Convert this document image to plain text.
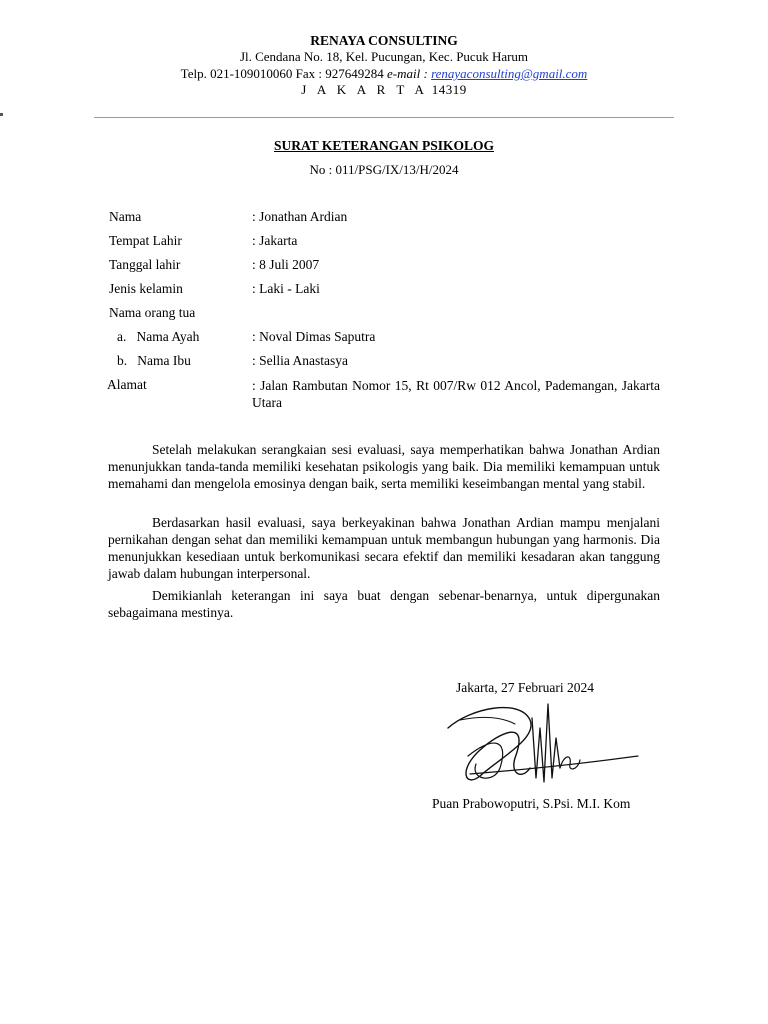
RENAYA CONSULTING
Jl. Cendana No. 18, Kel. Pucungan, Kec. Pucuk Harum
Telp. 021-109010060 Fax : 927649284 e-mail : renayaconsulting@gmail.com
J A K A R T A 14319
SURAT KETERANGAN PSIKOLOG
No : 011/PSG/IX/13/H/2024
Nama	: Jonathan Ardian
Tempat Lahir	: Jakarta
Tanggal lahir	: 8 Juli 2007
Jenis kelamin	: Laki - Laki
Nama orang tua
a.   Nama Ayah	: Noval Dimas Saputra
b.   Nama Ibu	: Sellia Anastasya
Alamat	: Jalan Rambutan Nomor 15, Rt 007/Rw 012 Ancol, Pademangan, Jakarta Utara
Setelah melakukan serangkaian sesi evaluasi, saya memperhatikan bahwa Jonathan Ardian menunjukkan tanda-tanda memiliki kesehatan psikologis yang baik. Dia memiliki kemampuan untuk memahami dan mengelola emosinya dengan baik, serta memiliki keseimbangan mental yang stabil.
Berdasarkan hasil evaluasi, saya berkeyakinan bahwa Jonathan Ardian mampu menjalani pernikahan dengan sehat dan memiliki kemampuan untuk membangun hubungan yang harmonis. Dia menunjukkan kesediaan untuk berkomunikasi secara efektif dan memiliki kesadaran akan tanggung jawab dalam hubungan interpersonal.
Demikianlah keterangan ini saya buat dengan sebenar-benarnya, untuk dipergunakan sebagaimana mestinya.
Jakarta, 27 Februari 2024
Puan Prabowoputri, S.Psi. M.I. Kom
